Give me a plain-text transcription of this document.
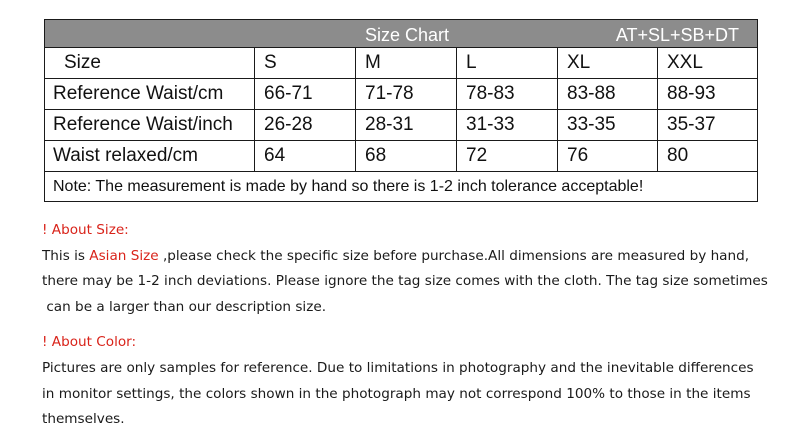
Size Chart AT+SL+SB+DT					

Size	S	M	L	XL	XXL
Reference Waist/cm	66-71	71-78	78-83	83-88	88-93
Reference Waist/inch	26-28	28-31	31-33	33-35	35-37
Waist relaxed/cm	64	68	72	76	80
Note: The measurement is made by hand so there is 1-2 inch tolerance acceptable!					

! About Size:

This is Asian Size ,please check the specific size before purchase.All dimensions are measured by hand,

there may be 1-2 inch deviations. Please ignore the tag size comes with the cloth. The tag size sometimes

can be a larger than our description size.

! About Color:

Pictures are only samples for reference. Due to limitations in photography and the inevitable differences

in monitor settings, the colors shown in the photograph may not correspond 100% to those in the items

themselves.
